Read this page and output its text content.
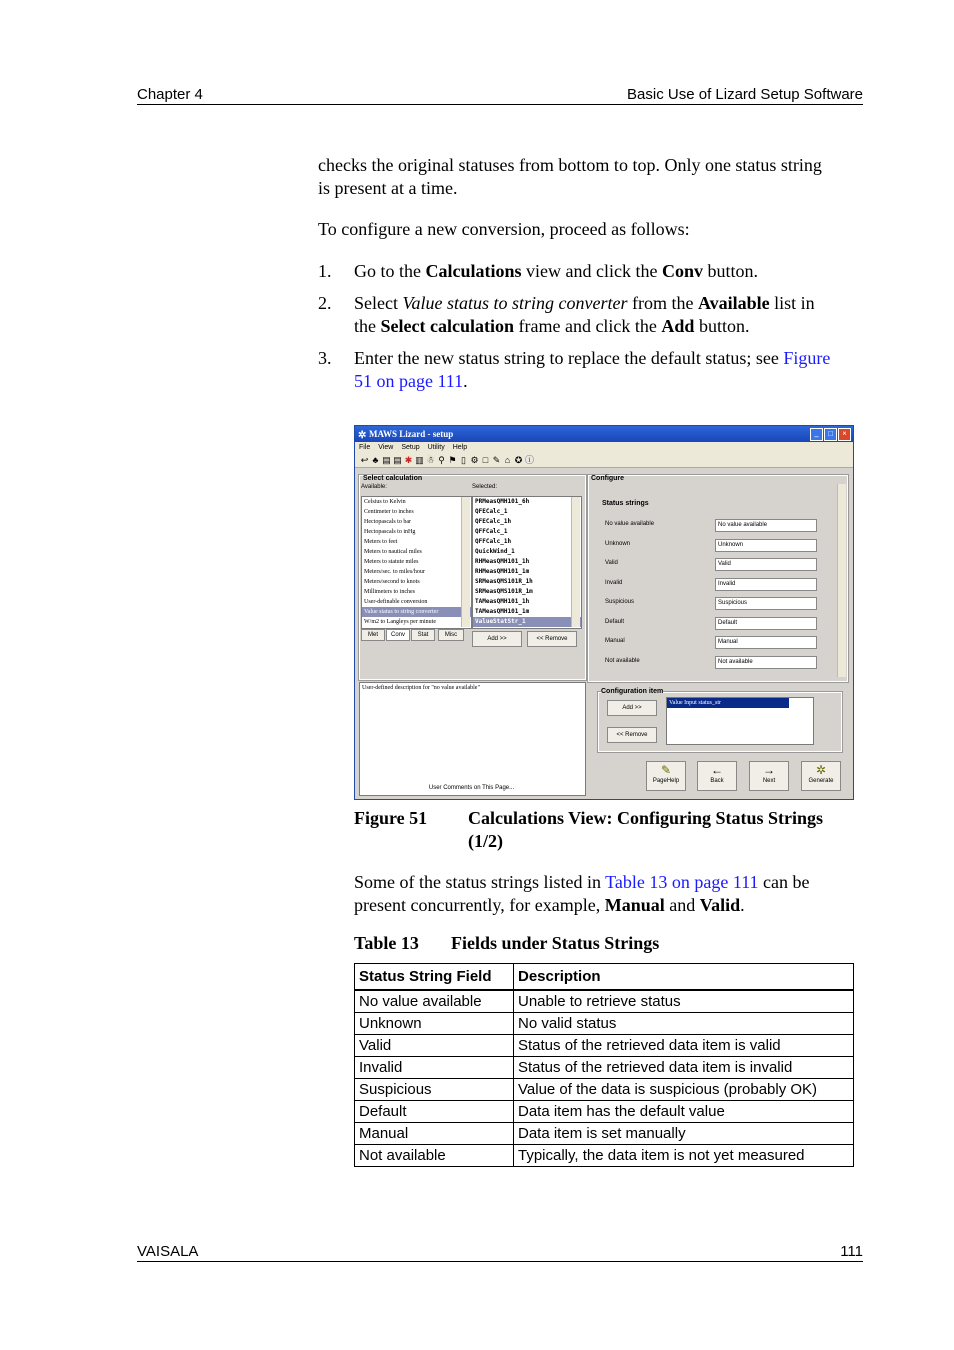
Chapter 4	Basic Use of Lizard Setup Software
checks the original statuses from bottom to top. Only one status string
is present at a time.
To configure a new conversion, proceed as follows:
1. Go to the Calculations view and click the Conv button.
2. Select Value status to string converter from the Available list in
the Select calculation frame and click the Add button.
3. Enter the new status string to replace the default status; see Figure
51 on page 111.
✲ MAWS Lizard - setup	_	□	×
File View Setup Utility Help
↩ ♣ ▤ ▤ ✱ ▥ ☃ ⚲ ⚑ ▯ ⚙ □ ✎ ⌂ ✪ ⓘ
Select calculation
Available:	Selected:
Celsius to Kelvin
Centimeter to inches
Hectopascals to bar
Hectopascals to inHg
Meters to feet
Meters to nautical miles
Meters to statute miles
Meters/sec. to miles/hour
Meters/second to knots
Millimeters to inches
User-definable conversion
Value status to string converter
W/m2 to Langleys per minute
PRMeasQMH101_6h
QFECalc_1
QFECalc_1h
QFFCalc_1
QFFCalc_1h
QuickWind_1
RHMeasQMH101_1h
RHMeasQMH101_1m
SRMeasQMS101R_1h
SRMeasQMS101R_1m
TAMeasQMH101_1h
TAMeasQMH101_1m
ValueStatStr_1
Met	Conv	Stat	Misc
Add >>	<< Remove
User-defined description for "no value available"
User Comments on This Page...
Configure
Status strings
No value available	No value available
Unknown	Unknown
Valid	Valid
Invalid	Invalid
Suspicious	Suspicious
Default	Default
Manual	Manual
Not available	Not available
Configuration item
Add >>
<< Remove
Value Input status_str
✎
PageHelp
←
Back
→
Next
✲
Generate
Figure 51 Calculations View: Configuring Status Strings
(1/2)
Some of the status strings listed in Table 13 on page 111 can be
present concurrently, for example, Manual and Valid.
Table 13 Fields under Status Strings
Status String Field	Description
No value available	Unable to retrieve status
Unknown	No valid status
Valid	Status of the retrieved data item is valid
Invalid	Status of the retrieved data item is invalid
Suspicious	Value of the data is suspicious (probably OK)
Default	Data item has the default value
Manual	Data item is set manually
Not available	Typically, the data item is not yet measured
VAISALA	111
